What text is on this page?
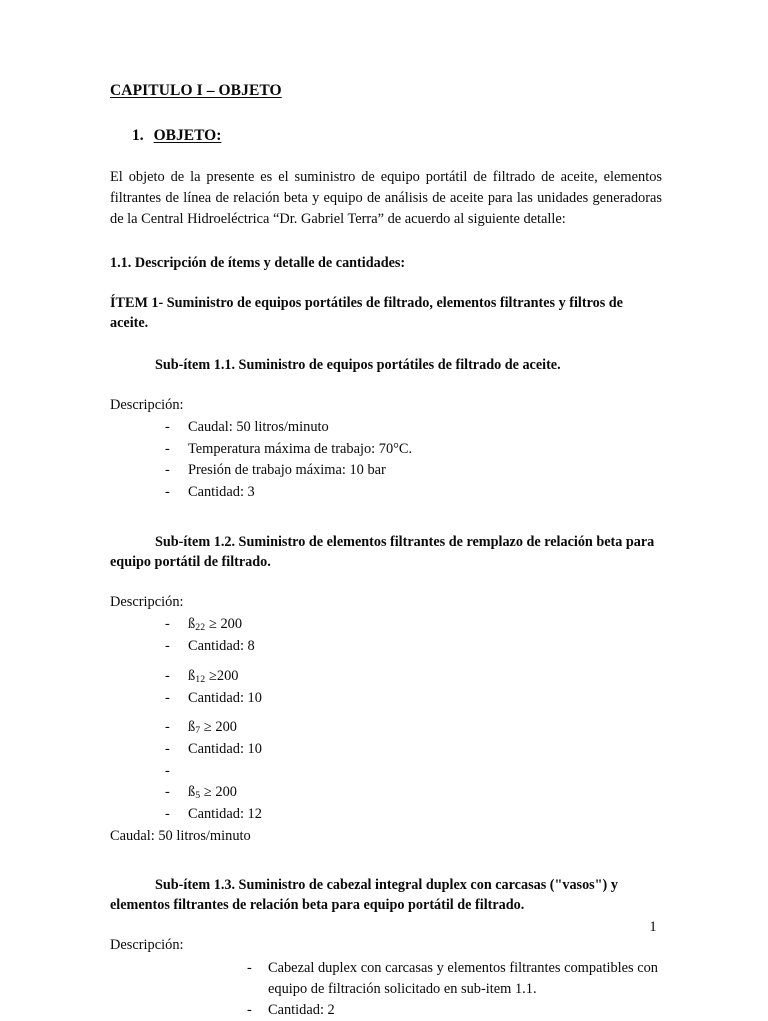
CAPITULO I – OBJETO
1. OBJETO:

El objeto de la presente es el suministro de equipo portátil de filtrado de aceite, elementos filtrantes de línea de relación beta y equipo de análisis de aceite para las unidades generadoras de la Central Hidroeléctrica “Dr. Gabriel Terra” de acuerdo al siguiente detalle:

1.1. Descripción de ítems y detalle de cantidades:

ÍTEM 1- Suministro de equipos portátiles de filtrado, elementos filtrantes y filtros de aceite.

Sub-ítem 1.1. Suministro de equipos portátiles de filtrado de aceite.

Descripción:

- Caudal: 50 litros/minuto
- Temperatura máxima de trabajo: 70°C.
- Presión de trabajo máxima: 10 bar
- Cantidad: 3

Sub-ítem 1.2. Suministro de elementos filtrantes de remplazo de relación beta para equipo portátil de filtrado.

Descripción:

- $ß_{22} \ge 200$
- Cantidad: 8
- $ß_{12} \ge 200$
- Cantidad: 10
- $ß_7 \ge 200$
- Cantidad: 10
-
- $ß_5 \ge 200$
- Cantidad: 12

Caudal: 50 litros/minuto

Sub-ítem 1.3. Suministro de cabezal integral duplex con carcasas ("vasos") y elementos filtrantes de relación beta para equipo portátil de filtrado.

Descripción:

- Cabezal duplex con carcasas y elementos filtrantes compatibles con equipo de filtración solicitado en sub-item 1.1.
- Cantidad: 2
1
